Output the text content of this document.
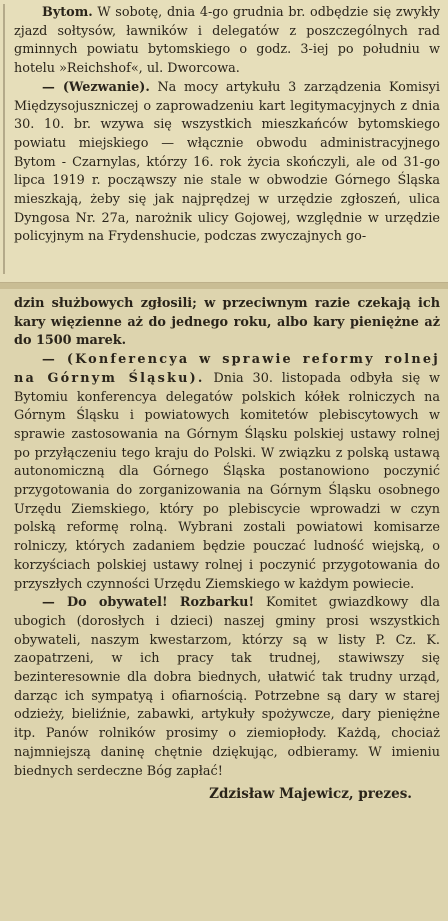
Bytom. W sobotę, dnia 4-go grudnia br. odbędzie się zwykły zjazd sołtysów, ławników i delegatów z poszczególnych rad gminnych powiatu bytomskiego o godz. 3-iej po południu w hotelu »Reichshof«, ul. Dworcowa.

— (Wezwanie). Na mocy artykułu 3 zarządzenia Komisyi Międzysojuszniczej o zaprowadzeniu kart legitymacyjnych z dnia 30. 10. br. wzywa się wszystkich mieszkańców bytomskiego powiatu miejskiego — włącznie obwodu administracyjnego Bytom - Czarnylas, którzy 16. rok życia skończyli, ale od 31-go lipca 1919 r. począwszy nie stale w obwodzie Górnego Śląska mieszkają, żeby się jak najprędzej w urzędzie zgłoszeń, ulica Dyngosa Nr. 27a, narożnik ulicy Gojowej, względnie w urzędzie policyjnym na Frydenshucie, podczas zwyczajnych go-

dzin służbowych zgłosili; w przeciwnym razie czekają ich kary więzienne aż do jednego roku, albo kary pieniężne aż do 1500 marek.

— (Konferencya w sprawie reformy rolnej na Górnym Śląsku). Dnia 30. listopada odbyła się w Bytomiu konferencya delegatów polskich kółek rolniczych na Górnym Śląsku i powiatowych komitetów plebiscytowych w sprawie zastosowania na Górnym Śląsku polskiej ustawy rolnej po przyłączeniu tego kraju do Polski. W związku z polską ustawą autonomiczną dla Górnego Śląska postanowiono poczynić przygotowania do zorganizowania na Górnym Śląsku osobnego Urzędu Ziemskiego, który po plebiscycie wprowadzi w czyn polską reformę rolną. Wybrani zostali powiatowi komisarze rolniczy, których zadaniem będzie pouczać ludność wiejską, o korzyściach polskiej ustawy rolnej i poczynić przygotowania do przyszłych czynności Urzędu Ziemskiego w każdym powiecie.

— Do obywatel! Rozbarku! Komitet gwiazdkowy dla ubogich (dorosłych i dzieci) naszej gminy prosi wszystkich obywateli, naszym kwestarzom, którzy są w listy P. Cz. K. zaopatrzeni, w ich pracy tak trudnej, stawiwszy się bezinteresownie dla dobra biednych, ułatwić tak trudny urząd, darząc ich sympatyą i ofiarnością. Potrzebne są dary w starej odzieży, bieliźnie, zabawki, artykuły spożywcze, dary pieniężne itp. Panów rolników prosimy o ziemiopłody. Każdą, chociaż najmniejszą daninę chętnie dziękując, odbieramy. W imieniu biednych serdeczne Bóg zapłać!

Zdzisław Majewicz, prezes.
